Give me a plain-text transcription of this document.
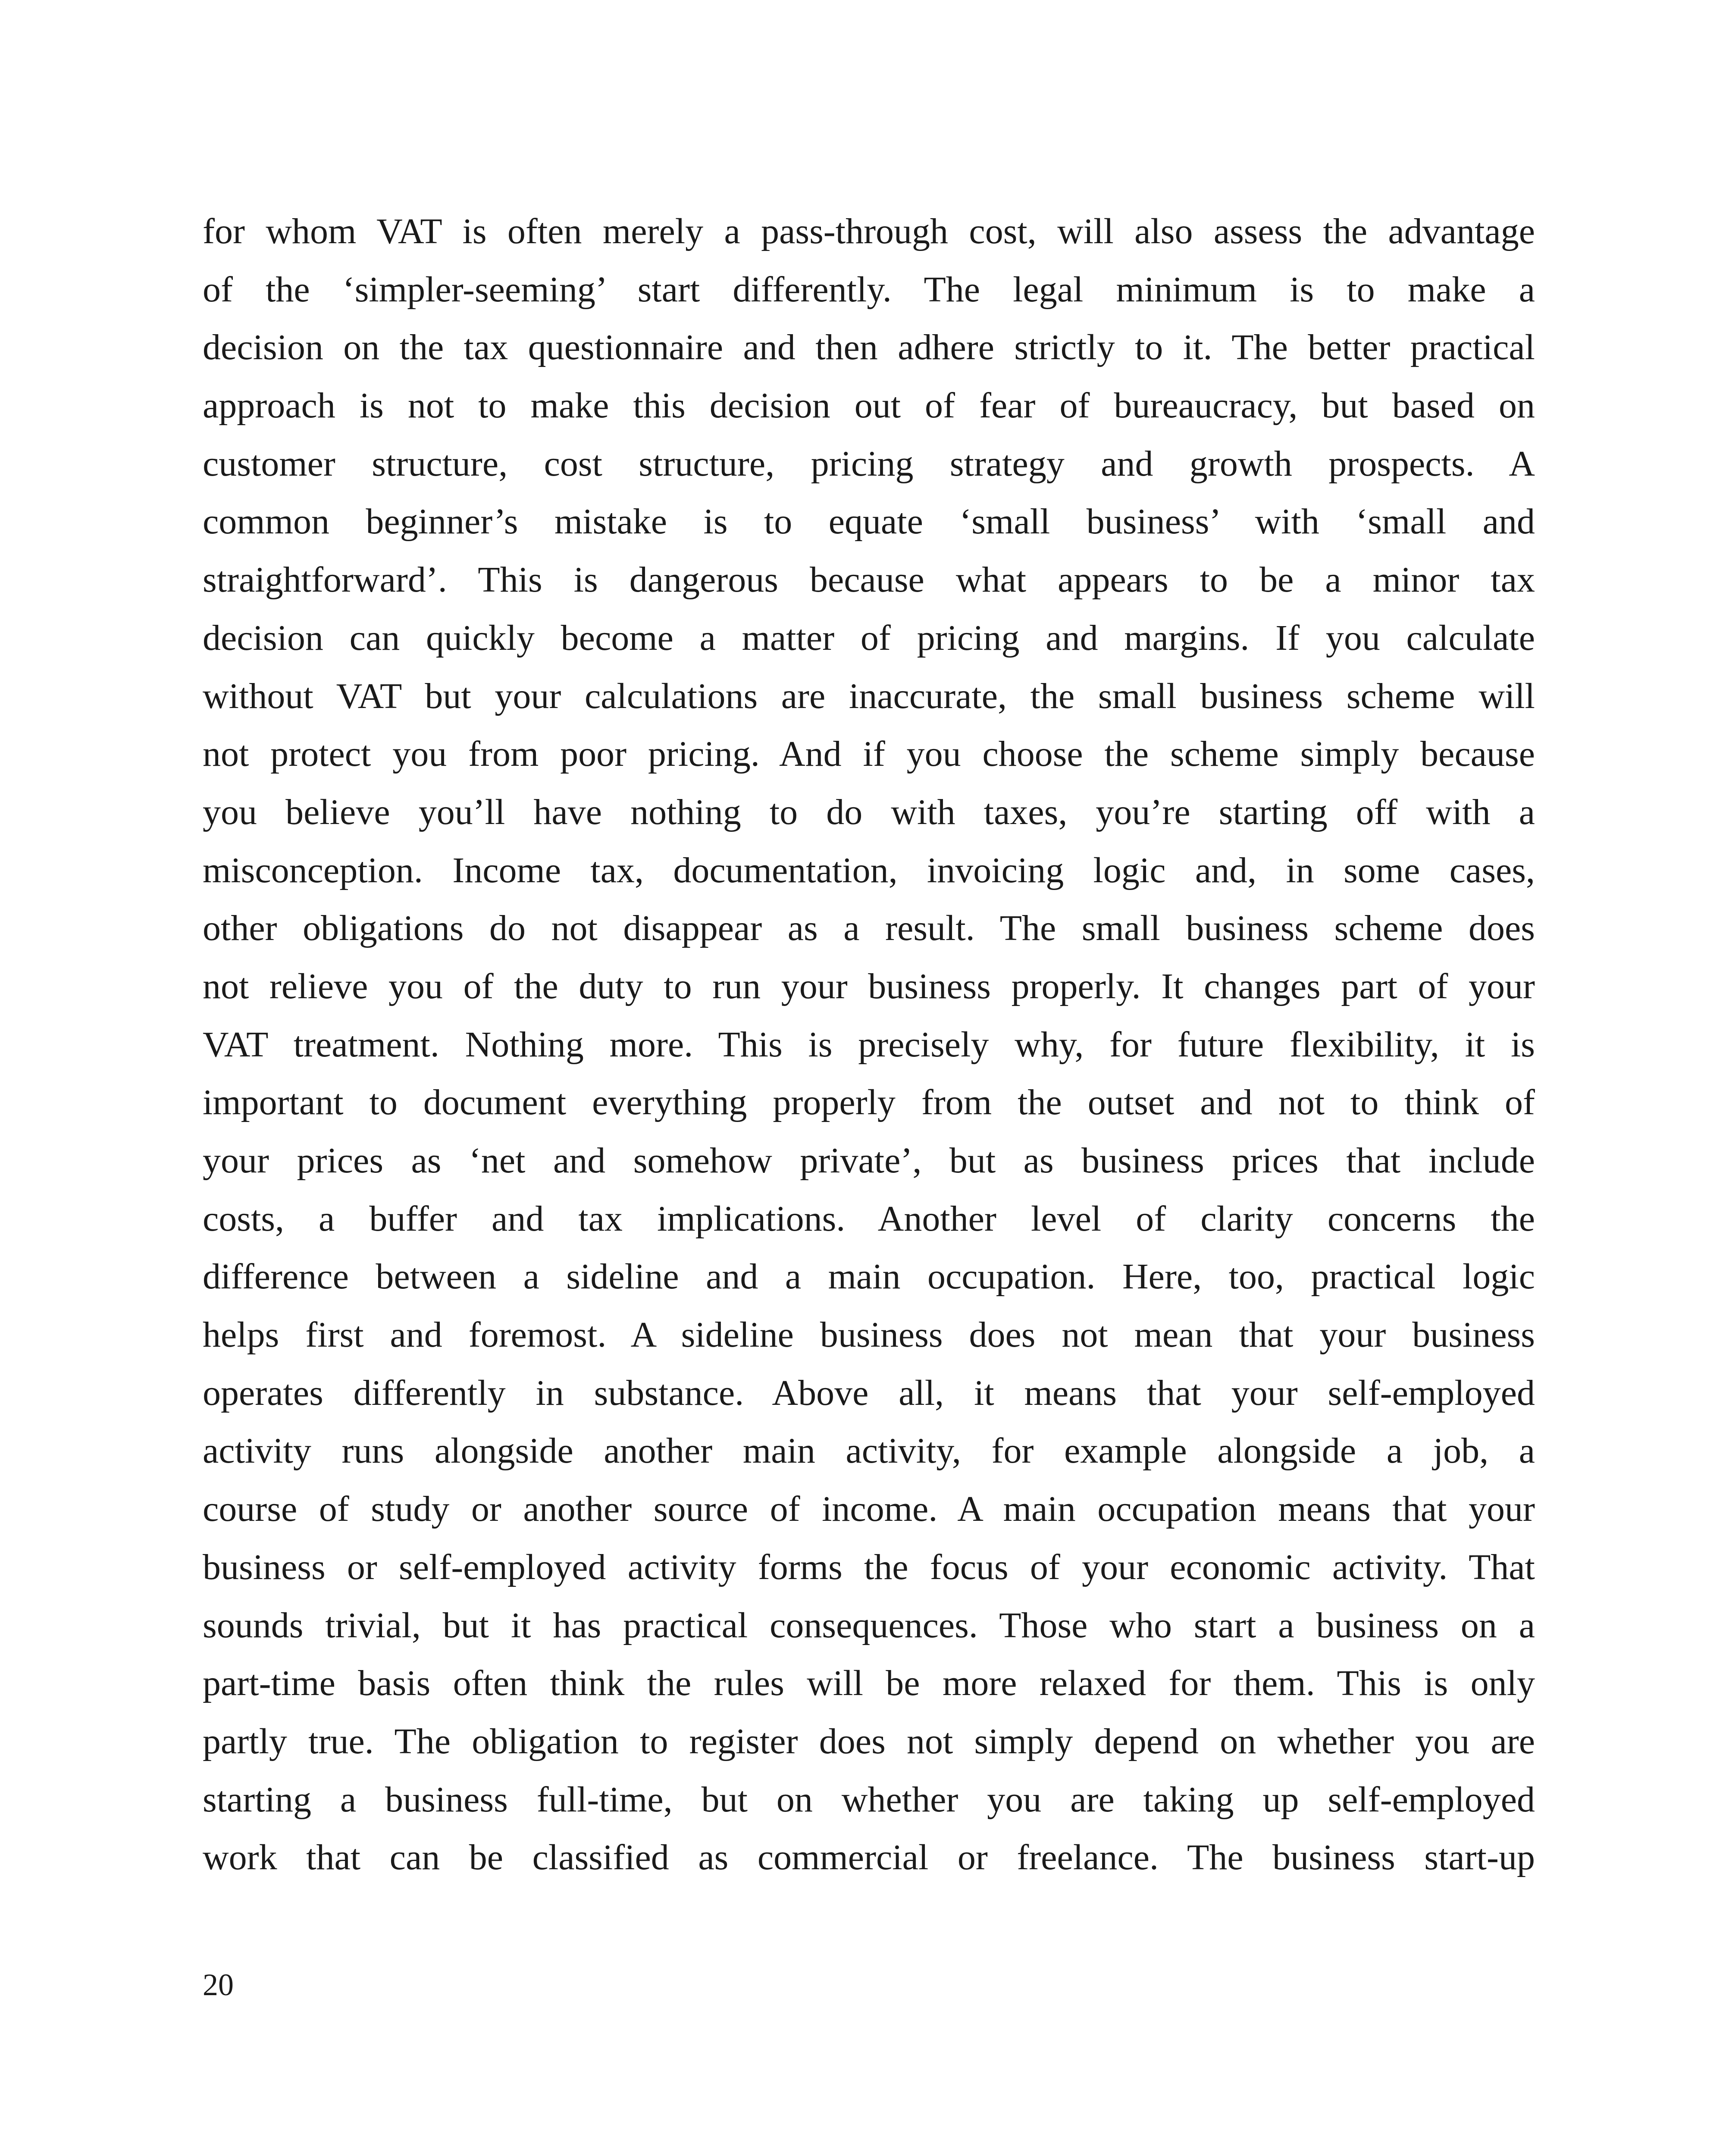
for whom VAT is often merely a pass-through cost, will also assess the advantage
of the ‘simpler-seeming’ start differently. The legal minimum is to make a
decision on the tax questionnaire and then adhere strictly to it. The better practical
approach is not to make this decision out of fear of bureaucracy, but based on
customer structure, cost structure, pricing strategy and growth prospects. A
common beginner’s mistake is to equate ‘small business’ with ‘small and
straightforward’. This is dangerous because what appears to be a minor tax
decision can quickly become a matter of pricing and margins. If you calculate
without VAT but your calculations are inaccurate, the small business scheme will
not protect you from poor pricing. And if you choose the scheme simply because
you believe you’ll have nothing to do with taxes, you’re starting off with a
misconception. Income tax, documentation, invoicing logic and, in some cases,
other obligations do not disappear as a result. The small business scheme does
not relieve you of the duty to run your business properly. It changes part of your
VAT treatment. Nothing more. This is precisely why, for future flexibility, it is
important to document everything properly from the outset and not to think of
your prices as ‘net and somehow private’, but as business prices that include
costs, a buffer and tax implications. Another level of clarity concerns the
difference between a sideline and a main occupation. Here, too, practical logic
helps first and foremost. A sideline business does not mean that your business
operates differently in substance. Above all, it means that your self-employed
activity runs alongside another main activity, for example alongside a job, a
course of study or another source of income. A main occupation means that your
business or self-employed activity forms the focus of your economic activity. That
sounds trivial, but it has practical consequences. Those who start a business on a
part-time basis often think the rules will be more relaxed for them. This is only
partly true. The obligation to register does not simply depend on whether you are
starting a business full-time, but on whether you are taking up self-employed
work that can be classified as commercial or freelance. The business start-up

20
